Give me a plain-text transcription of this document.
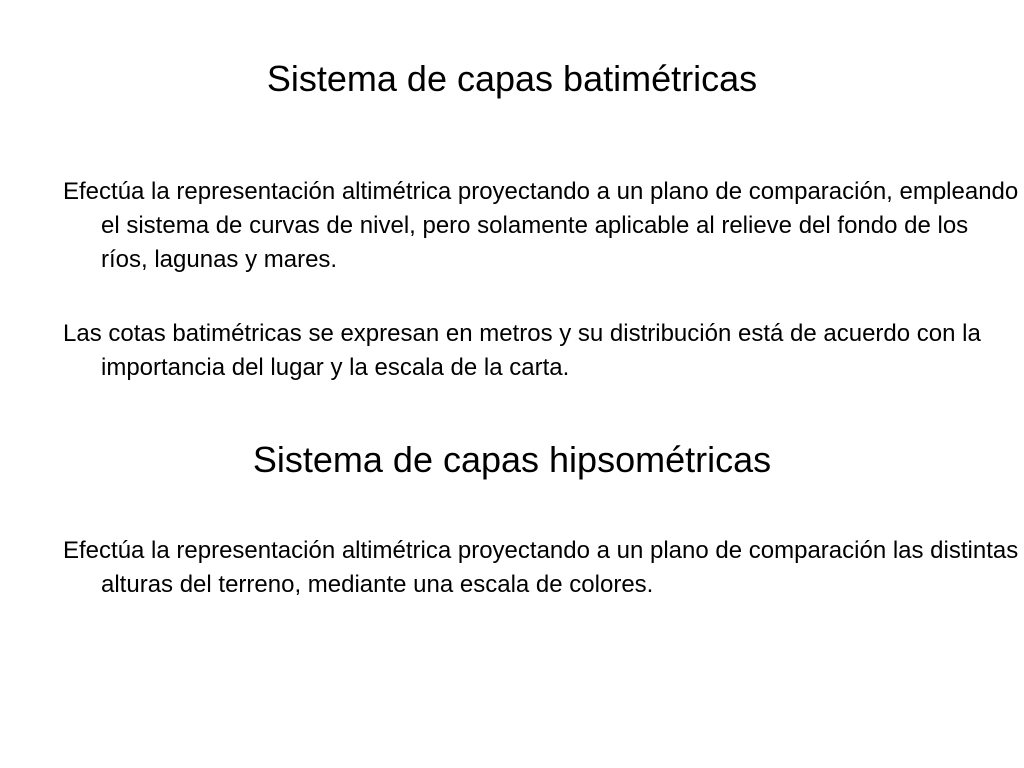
Sistema de capas batimétricas

Efectúa la representación altimétrica proyectando a un plano de comparación, empleando el sistema de curvas de nivel, pero solamente aplicable al relieve del fondo de los ríos, lagunas y mares.

Las cotas batimétricas se expresan en metros y su distribución está de acuerdo con la importancia del lugar y la escala de la carta.

Sistema de capas hipsométricas

Efectúa la representación altimétrica proyectando a un plano de comparación las distintas alturas del terreno, mediante una escala de colores.
